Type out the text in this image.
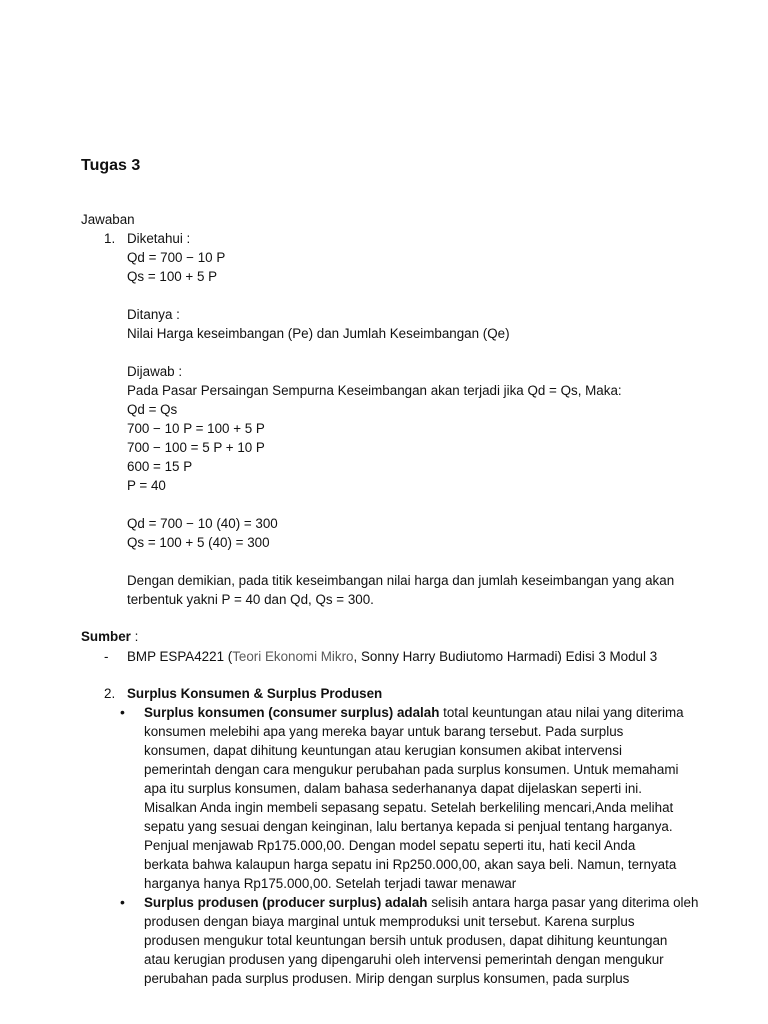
Tugas 3
Jawaban
1. Diketahui :
Qd = 700 − 10 P
Qs = 100 + 5 P
Ditanya :
Nilai Harga keseimbangan (Pe) dan Jumlah Keseimbangan (Qe)
Dijawab :
Pada Pasar Persaingan Sempurna Keseimbangan akan terjadi jika Qd = Qs, Maka:
Qd = Qs
700 − 10 P = 100 + 5 P
700 − 100 = 5 P + 10 P
600 = 15 P
P = 40
Qd = 700 − 10 (40) = 300
Qs = 100 + 5 (40) = 300
Dengan demikian, pada titik keseimbangan nilai harga dan jumlah keseimbangan yang akan
terbentuk yakni P = 40 dan Qd, Qs = 300.
Sumber :
- BMP ESPA4221 (Teori Ekonomi Mikro, Sonny Harry Budiutomo Harmadi) Edisi 3 Modul 3
2. Surplus Konsumen & Surplus Produsen
• Surplus konsumen (consumer surplus) adalah total keuntungan atau nilai yang diterima
konsumen melebihi apa yang mereka bayar untuk barang tersebut. Pada surplus
konsumen, dapat dihitung keuntungan atau kerugian konsumen akibat intervensi
pemerintah dengan cara mengukur perubahan pada surplus konsumen. Untuk memahami
apa itu surplus konsumen, dalam bahasa sederhananya dapat dijelaskan seperti ini.
Misalkan Anda ingin membeli sepasang sepatu. Setelah berkeliling mencari,Anda melihat
sepatu yang sesuai dengan keinginan, lalu bertanya kepada si penjual tentang harganya.
Penjual menjawab Rp175.000,00. Dengan model sepatu seperti itu, hati kecil Anda
berkata bahwa kalaupun harga sepatu ini Rp250.000,00, akan saya beli. Namun, ternyata
harganya hanya Rp175.000,00. Setelah terjadi tawar menawar
• Surplus produsen (producer surplus) adalah selisih antara harga pasar yang diterima oleh
produsen dengan biaya marginal untuk memproduksi unit tersebut. Karena surplus
produsen mengukur total keuntungan bersih untuk produsen, dapat dihitung keuntungan
atau kerugian produsen yang dipengaruhi oleh intervensi pemerintah dengan mengukur
perubahan pada surplus produsen. Mirip dengan surplus konsumen, pada surplus
